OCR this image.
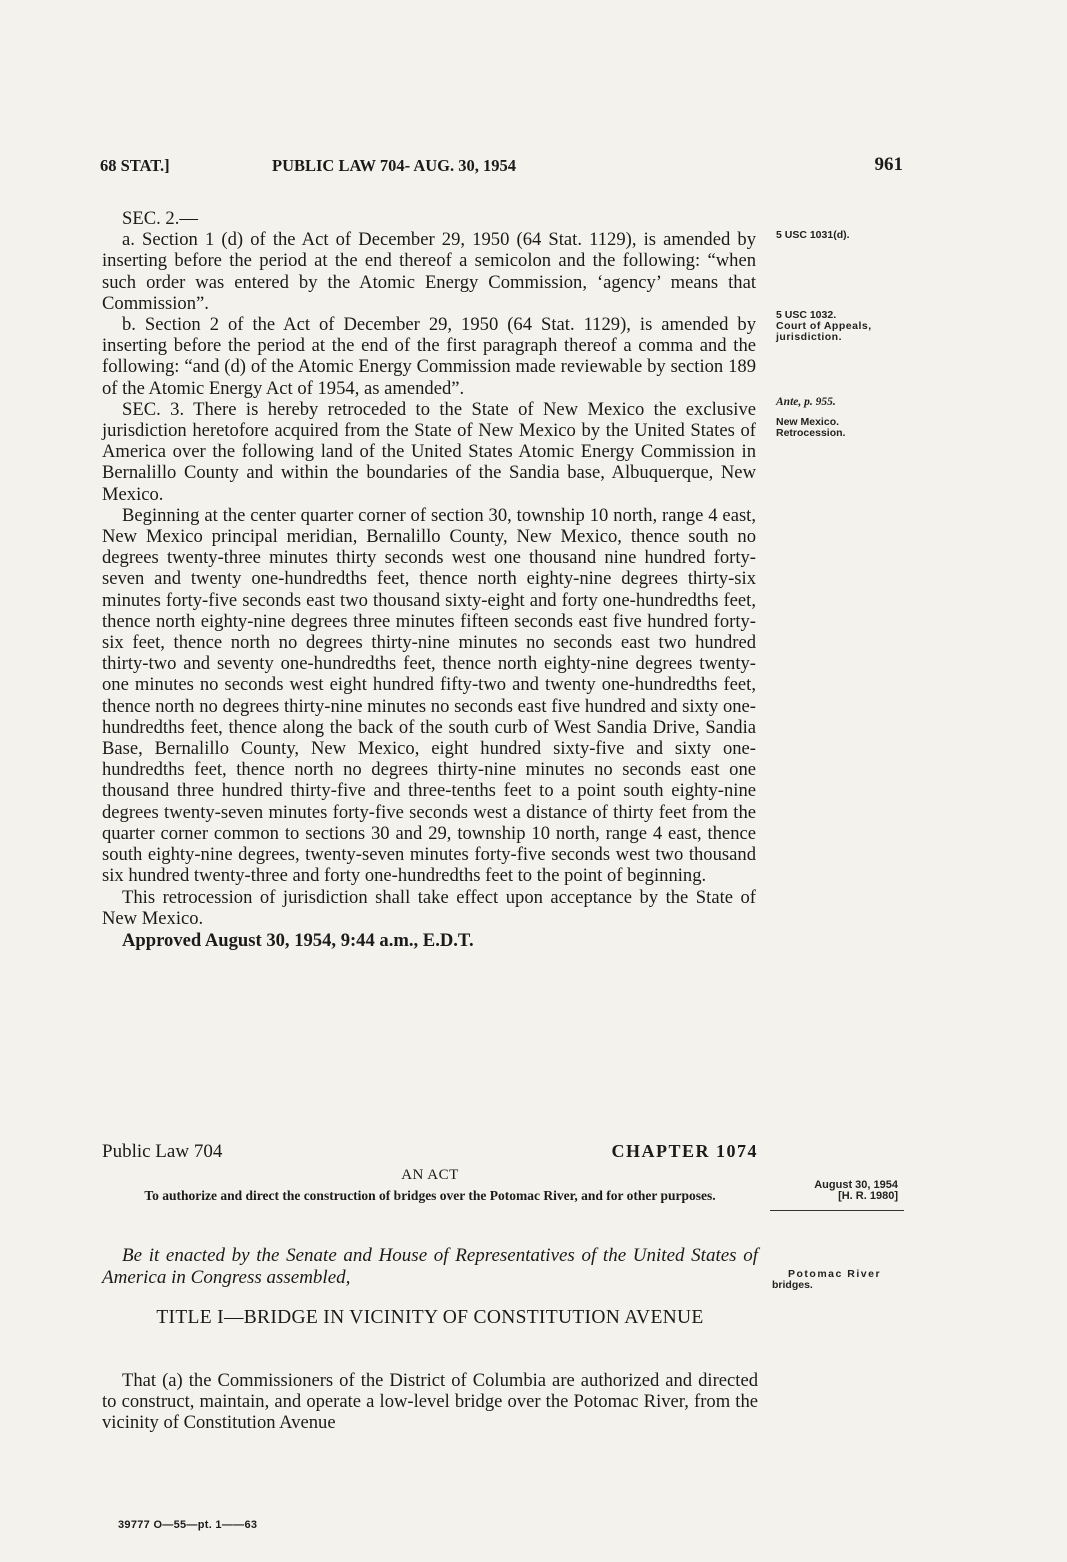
68 STAT.]	PUBLIC LAW 704- AUG. 30, 1954	961

SEC. 2.—

a. Section 1 (d) of the Act of December 29, 1950 (64 Stat. 1129), is amended by inserting before the period at the end thereof a semicolon and the following: “when such order was entered by the Atomic Energy Commission, ‘agency’ means that Commission”.

b. Section 2 of the Act of December 29, 1950 (64 Stat. 1129), is amended by inserting before the period at the end of the first paragraph thereof a comma and the following: “and (d) of the Atomic Energy Commission made reviewable by section 189 of the Atomic Energy Act of 1954, as amended”.

SEC. 3. There is hereby retroceded to the State of New Mexico the exclusive jurisdiction heretofore acquired from the State of New Mexico by the United States of America over the following land of the United States Atomic Energy Commission in Bernalillo County and within the boundaries of the Sandia base, Albuquerque, New Mexico.

Beginning at the center quarter corner of section 30, township 10 north, range 4 east, New Mexico principal meridian, Bernalillo County, New Mexico, thence south no degrees twenty-three minutes thirty seconds west one thousand nine hundred forty-seven and twenty one-hundredths feet, thence north eighty-nine degrees thirty-six minutes forty-five seconds east two thousand sixty-eight and forty one-hundredths feet, thence north eighty-nine degrees three minutes fifteen seconds east five hundred forty-six feet, thence north no degrees thirty-nine minutes no seconds east two hundred thirty-two and seventy one-hundredths feet, thence north eighty-nine degrees twenty-one minutes no seconds west eight hundred fifty-two and twenty one-hundredths feet, thence north no degrees thirty-nine minutes no seconds east five hundred and sixty one-hundredths feet, thence along the back of the south curb of West Sandia Drive, Sandia Base, Bernalillo County, New Mexico, eight hundred sixty-five and sixty one-hundredths feet, thence north no degrees thirty-nine minutes no seconds east one thousand three hundred thirty-five and three-tenths feet to a point south eighty-nine degrees twenty-seven minutes forty-five seconds west a distance of thirty feet from the quarter corner common to sections 30 and 29, township 10 north, range 4 east, thence south eighty-nine degrees, twenty-seven minutes forty-five seconds west two thousand six hundred twenty-three and forty one-hundredths feet to the point of beginning.

This retrocession of jurisdiction shall take effect upon acceptance by the State of New Mexico.

Approved August 30, 1954, 9:44 a.m., E.D.T.

5 USC 1031(d).
5 USC 1032.
Court of Appeals, jurisdiction.
Ante, p. 955.
New Mexico.
Retrocession.
Public Law 704	CHAPTER 1074
AN ACT
To authorize and direct the construction of bridges over the Potomac River, and for other purposes.
August 30, 1954
[H. R. 1980]

Be it enacted by the Senate and House of Representatives of the United States of America in Congress assembled,	Potomac River
bridges.
TITLE I—BRIDGE IN VICINITY OF CONSTITUTION AVENUE

That (a) the Commissioners of the District of Columbia are authorized and directed to construct, maintain, and operate a low-level bridge over the Potomac River, from the vicinity of Constitution Avenue

39777 O—55—pt. 1——63
